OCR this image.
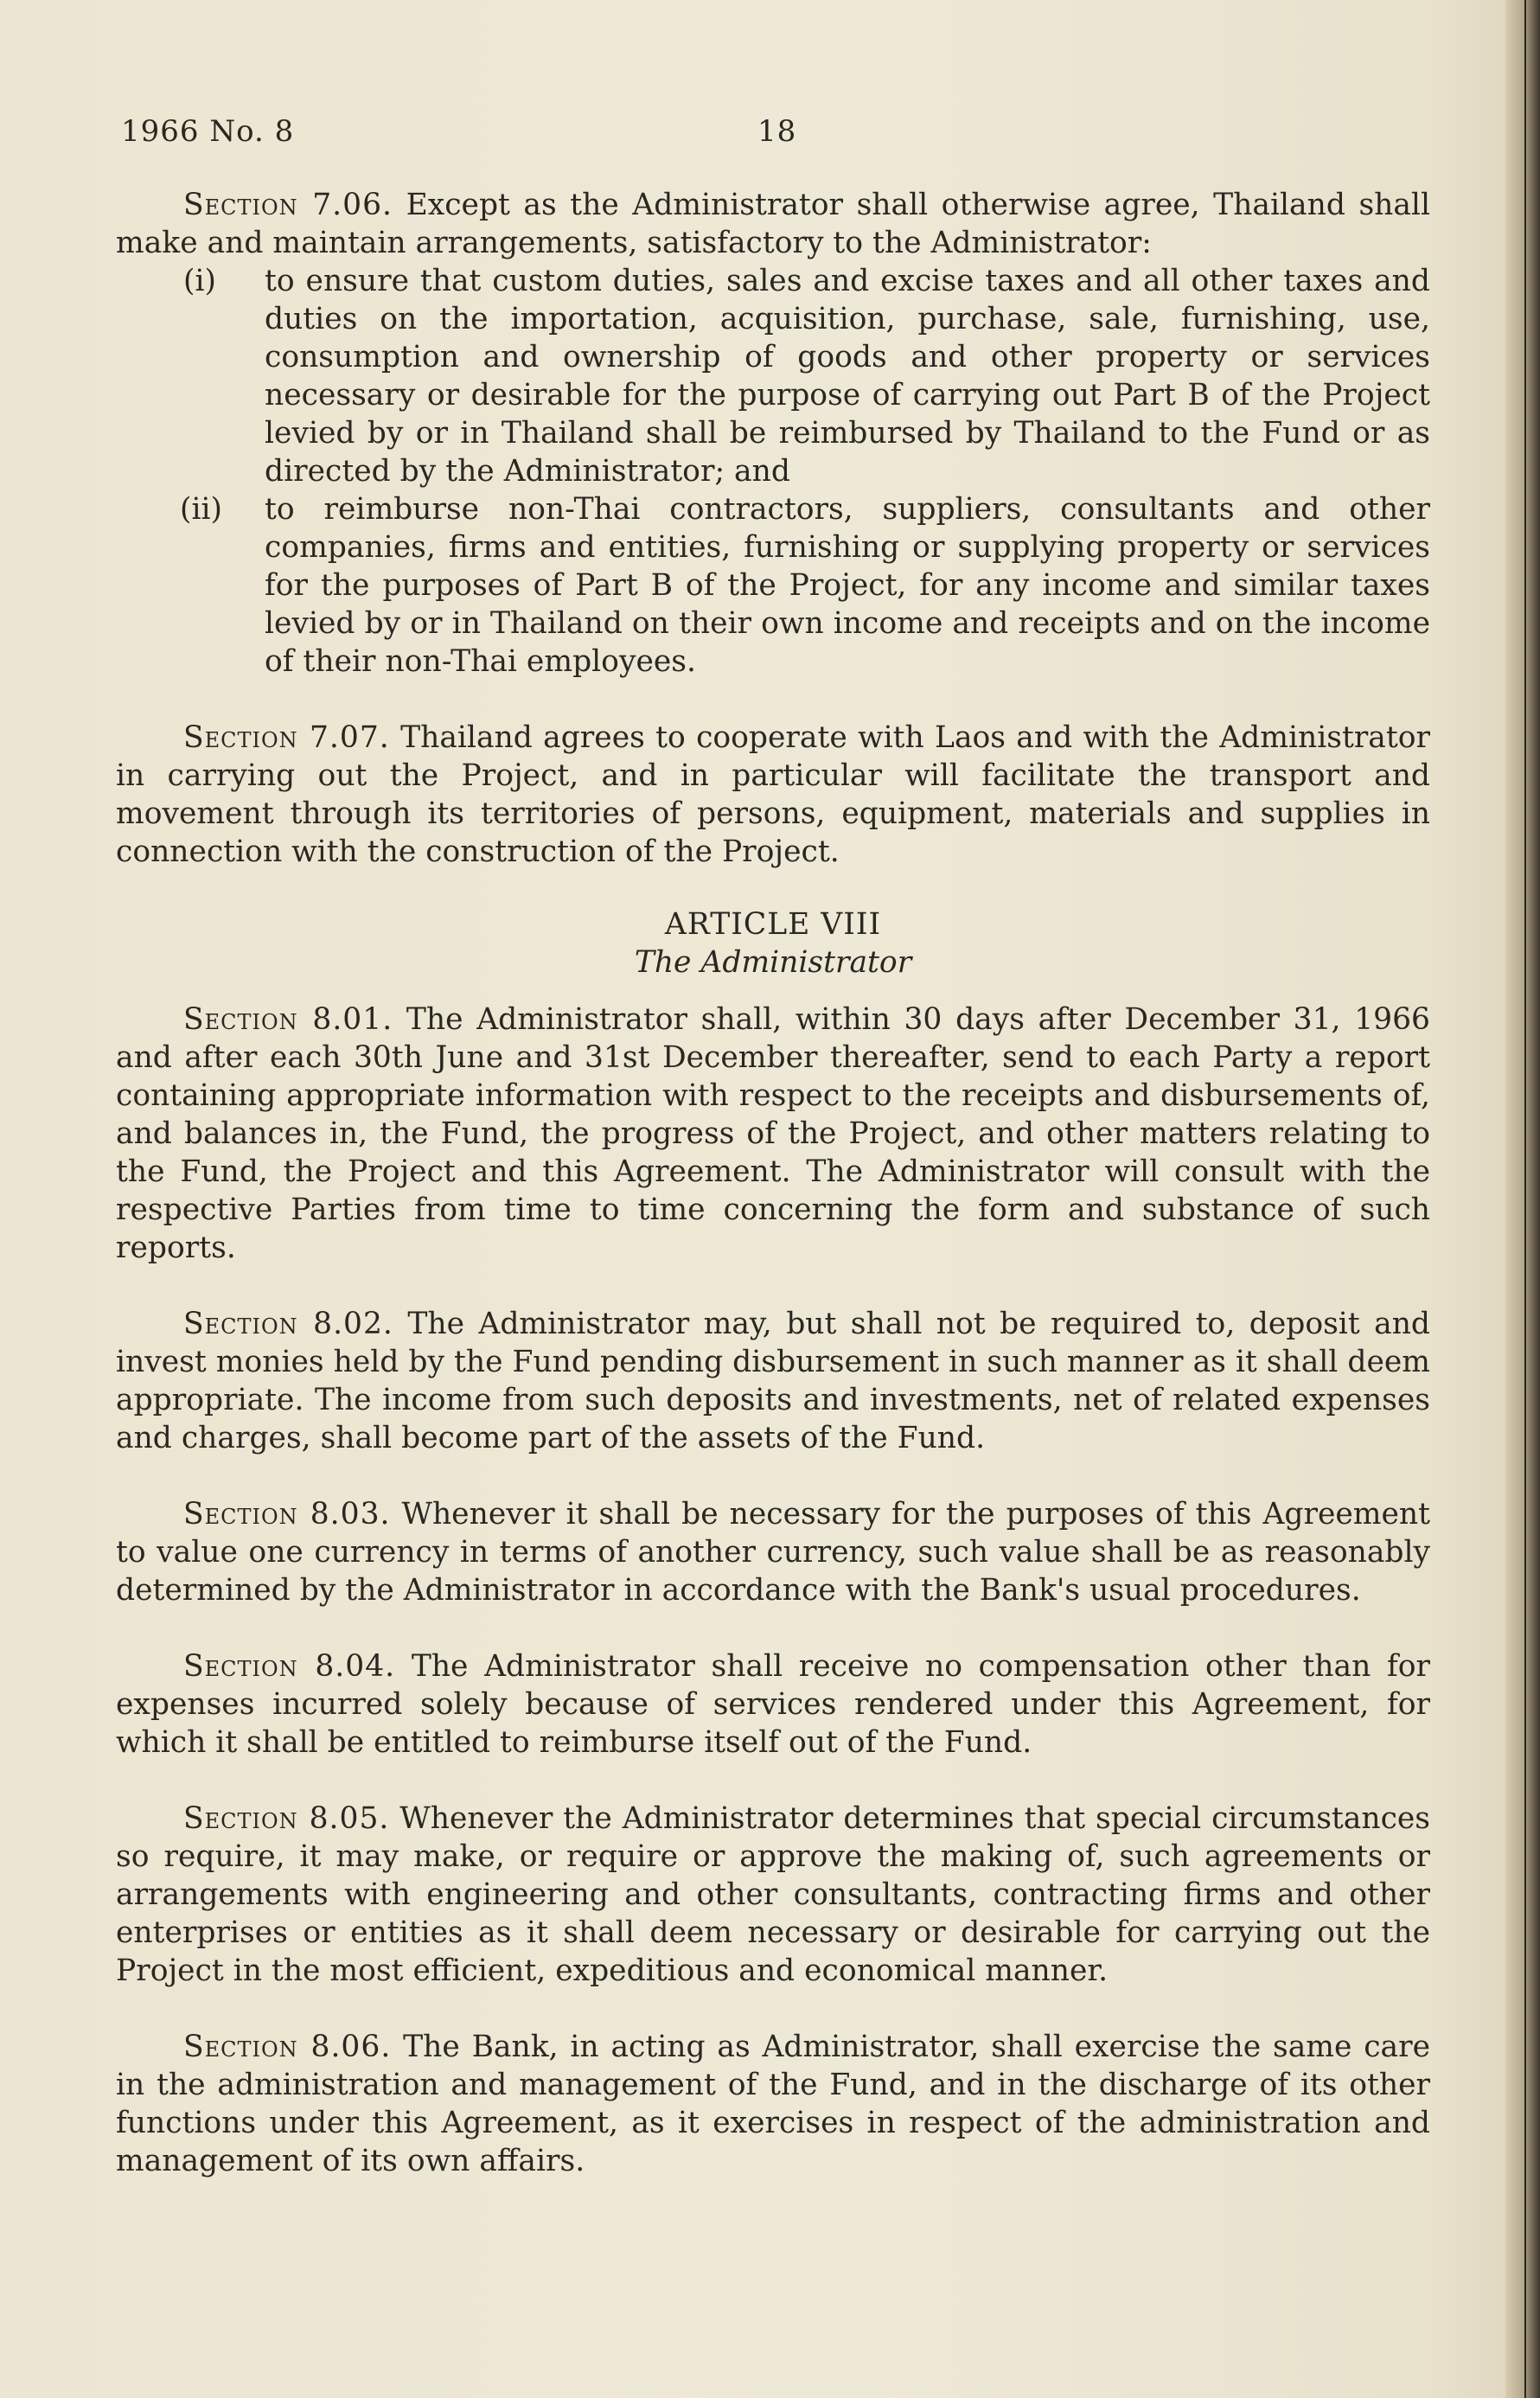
1966 No. 8	18

Section 7.06. Except as the Administrator shall otherwise agree, Thailand shall make and maintain arrangements, satisfactory to the Administrator:

(i) to ensure that custom duties, sales and excise taxes and all other taxes and duties on the importation, acquisition, purchase, sale, furnishing, use, consumption and ownership of goods and other property or services necessary or desirable for the purpose of carrying out Part B of the Project levied by or in Thailand shall be reimbursed by Thailand to the Fund or as directed by the Administrator; and

(ii) to reimburse non-Thai contractors, suppliers, consultants and other companies, firms and entities, furnishing or supplying property or services for the purposes of Part B of the Project, for any income and similar taxes levied by or in Thailand on their own income and receipts and on the income of their non-Thai employees.

Section 7.07. Thailand agrees to cooperate with Laos and with the Administrator in carrying out the Project, and in particular will facilitate the transport and movement through its territories of persons, equipment, materials and supplies in connection with the construction of the Project.

ARTICLE VIII

The Administrator

Section 8.01. The Administrator shall, within 30 days after December 31, 1966 and after each 30th June and 31st December thereafter, send to each Party a report containing appropriate information with respect to the receipts and disbursements of, and balances in, the Fund, the progress of the Project, and other matters relating to the Fund, the Project and this Agreement. The Administrator will consult with the respective Parties from time to time concerning the form and substance of such reports.

Section 8.02. The Administrator may, but shall not be required to, deposit and invest monies held by the Fund pending disbursement in such manner as it shall deem appropriate. The income from such deposits and investments, net of related expenses and charges, shall become part of the assets of the Fund.

Section 8.03. Whenever it shall be necessary for the purposes of this Agreement to value one currency in terms of another currency, such value shall be as reasonably determined by the Administrator in accordance with the Bank's usual procedures.

Section 8.04. The Administrator shall receive no compensation other than for expenses incurred solely because of services rendered under this Agreement, for which it shall be entitled to reimburse itself out of the Fund.

Section 8.05. Whenever the Administrator determines that special circumstances so require, it may make, or require or approve the making of, such agreements or arrangements with engineering and other consultants, contracting firms and other enterprises or entities as it shall deem necessary or desirable for carrying out the Project in the most efficient, expeditious and economical manner.

Section 8.06. The Bank, in acting as Administrator, shall exercise the same care in the administration and management of the Fund, and in the discharge of its other functions under this Agreement, as it exercises in respect of the administration and management of its own affairs.
